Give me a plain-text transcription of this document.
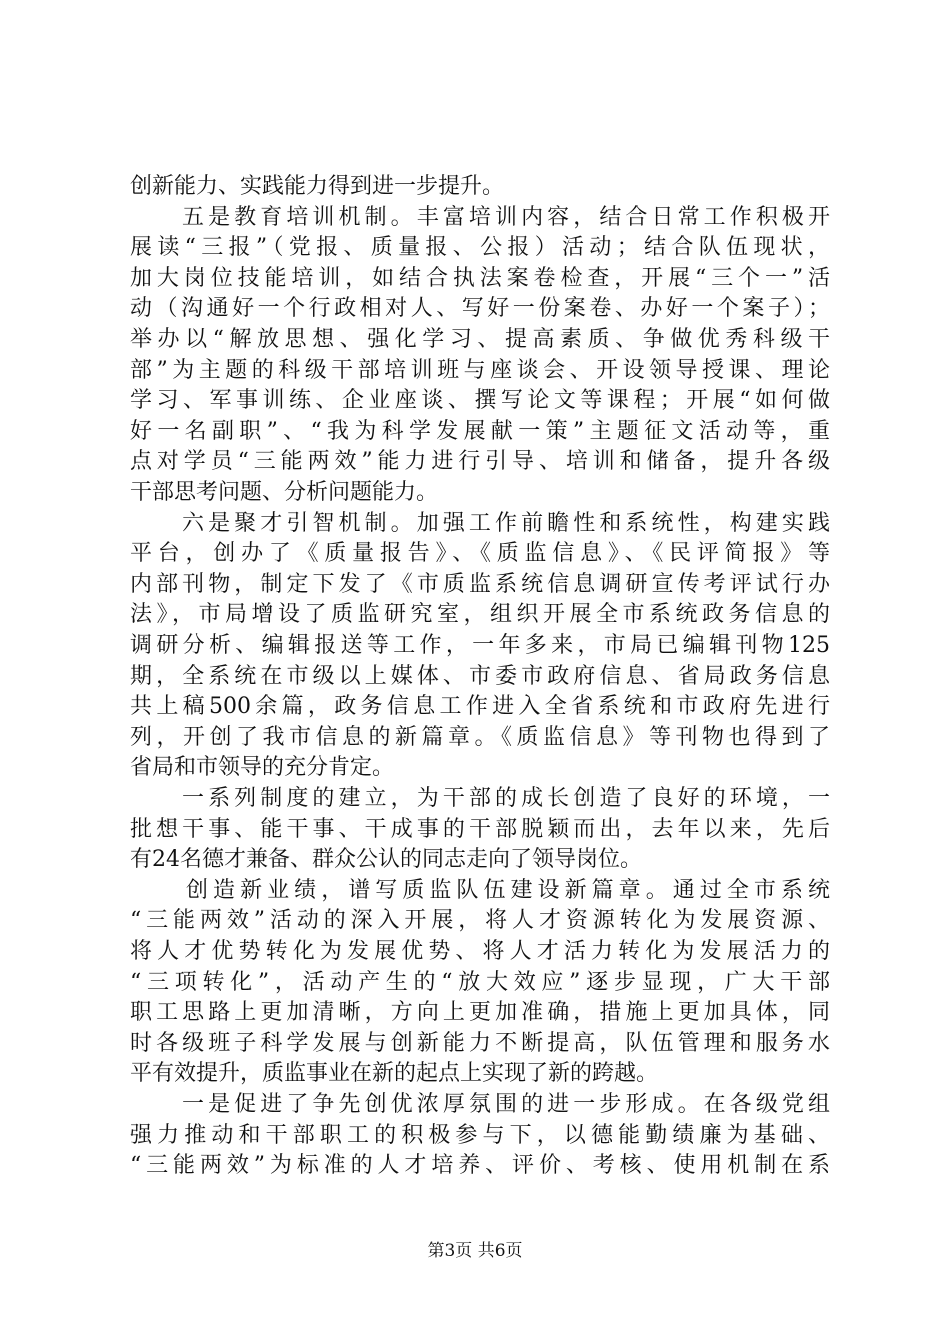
创新能力、实践能力得到进一步提升。
五是教育培训机制。丰富培训内容，结合日常工作积极开
展读“三报”（党报、质量报、公报）活动；结合队伍现状，
加大岗位技能培训，如结合执法案卷检查，开展“三个一”活
动（沟通好一个行政相对人、写好一份案卷、办好一个案子）；
举办以“解放思想、强化学习、提高素质、争做优秀科级干
部”为主题的科级干部培训班与座谈会、开设领导授课、理论
学习、军事训练、企业座谈、撰写论文等课程；开展“如何做
好一名副职”、“我为科学发展献一策”主题征文活动等，重
点对学员“三能两效”能力进行引导、培训和储备，提升各级
干部思考问题、分析问题能力。
六是聚才引智机制。加强工作前瞻性和系统性，构建实践
平台，创办了《质量报告》、《质监信息》、《民评简报》等
内部刊物，制定下发了《市质监系统信息调研宣传考评试行办
法》，市局增设了质监研究室，组织开展全市系统政务信息的
调研分析、编辑报送等工作，一年多来，市局已编辑刊物125
期，全系统在市级以上媒体、市委市政府信息、省局政务信息
共上稿500余篇，政务信息工作进入全省系统和市政府先进行
列，开创了我市信息的新篇章。《质监信息》等刊物也得到了
省局和市领导的充分肯定。
一系列制度的建立，为干部的成长创造了良好的环境，一
批想干事、能干事、干成事的干部脱颖而出，去年以来，先后
有24名德才兼备、群众公认的同志走向了领导岗位。
创造新业绩，谱写质监队伍建设新篇章。通过全市系统
“三能两效”活动的深入开展，将人才资源转化为发展资源、
将人才优势转化为发展优势、将人才活力转化为发展活力的
“三项转化”，活动产生的“放大效应”逐步显现，广大干部
职工思路上更加清晰，方向上更加准确，措施上更加具体，同
时各级班子科学发展与创新能力不断提高，队伍管理和服务水
平有效提升，质监事业在新的起点上实现了新的跨越。
一是促进了争先创优浓厚氛围的进一步形成。在各级党组
强力推动和干部职工的积极参与下，以德能勤绩廉为基础、
“三能两效”为标准的人才培养、评价、考核、使用机制在系
第3页 共6页
